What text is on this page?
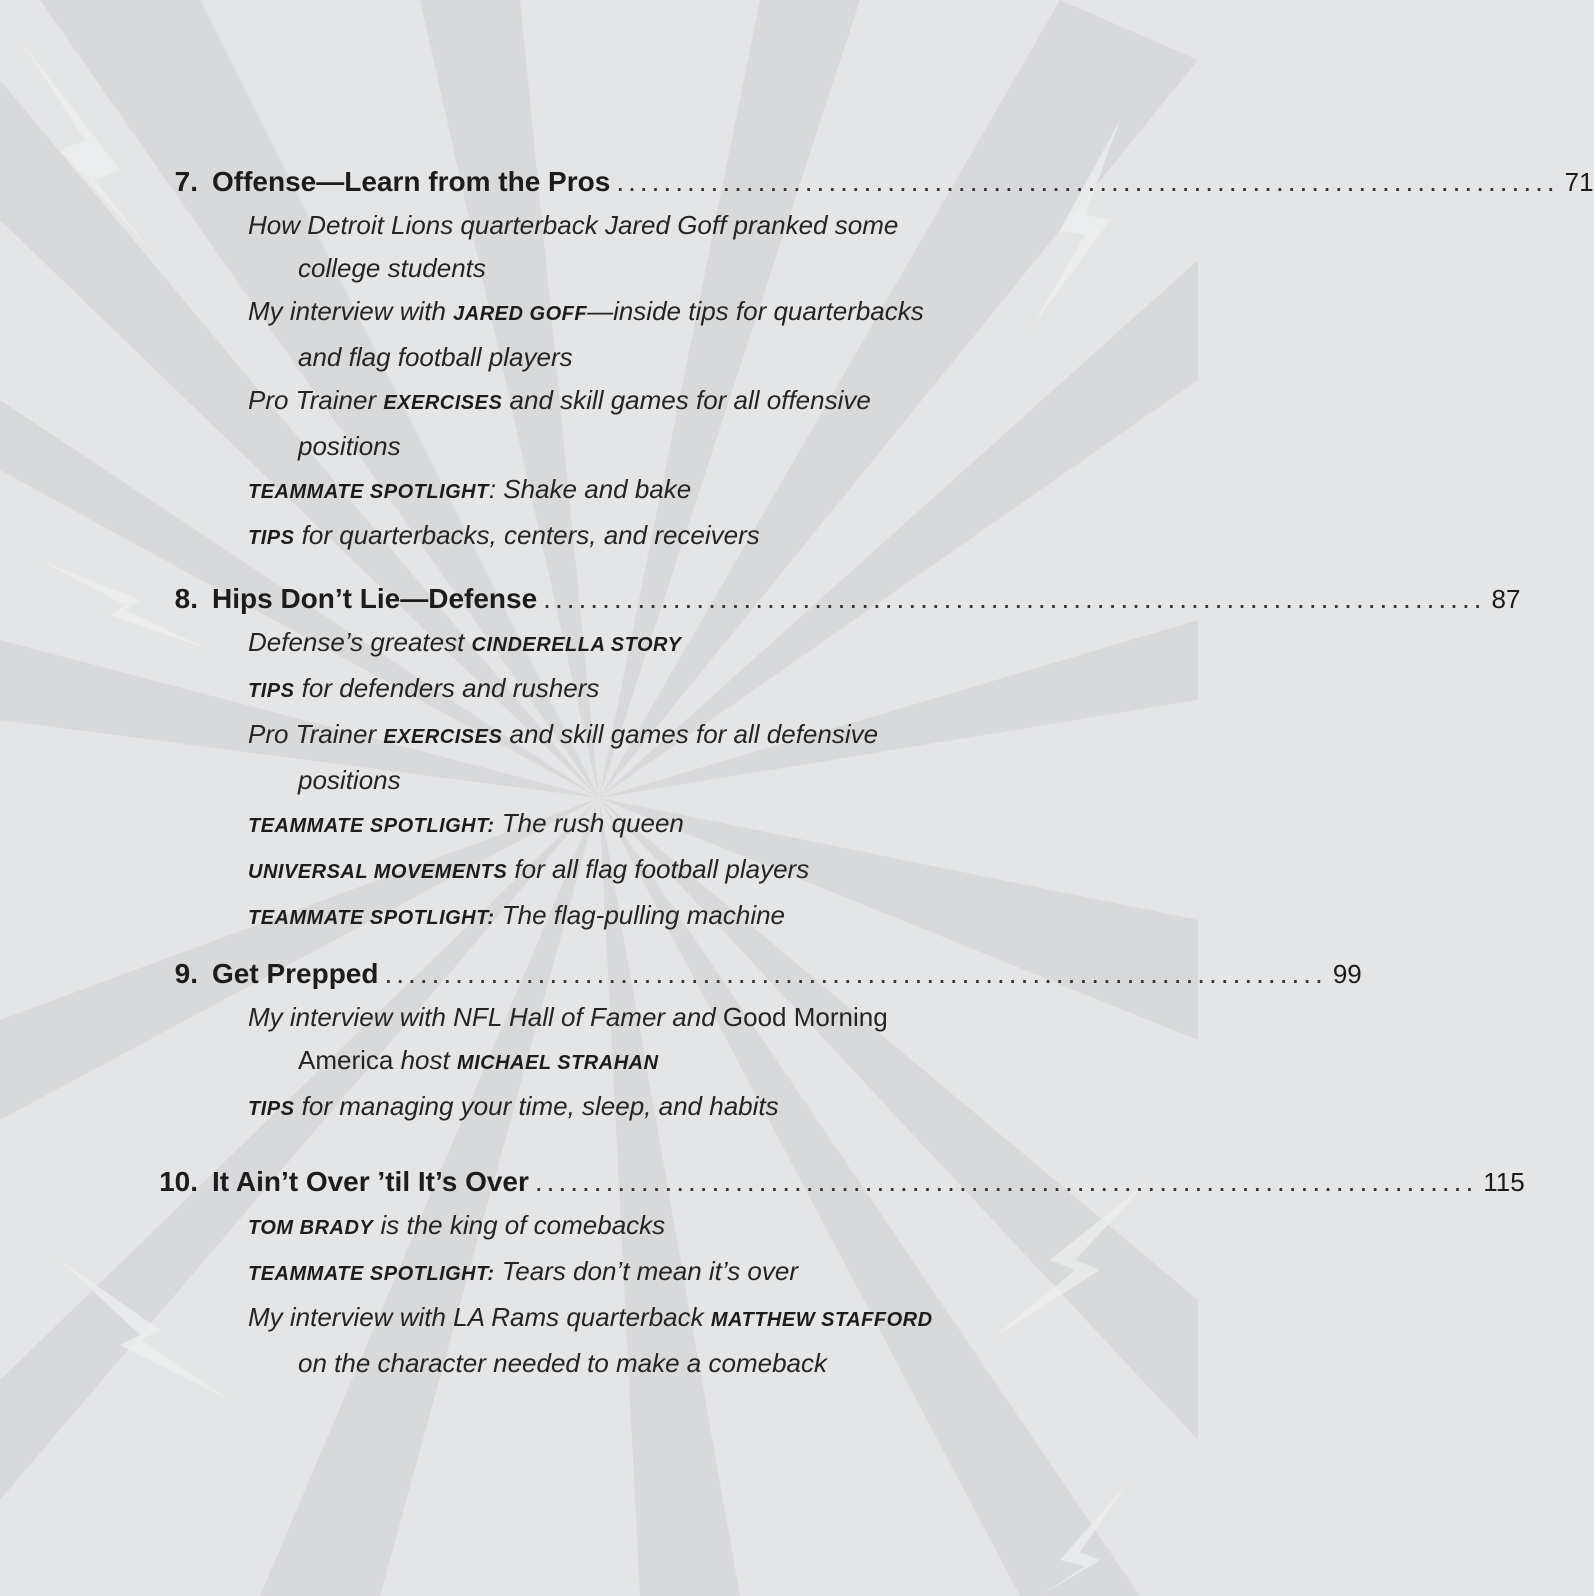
7. Offense—Learn from the Pros ................................................................................ 71
How Detroit Lions quarterback Jared Goff pranked some
college students
My interview with JARED GOFF—inside tips for quarterbacks
and flag football players
Pro Trainer EXERCISES and skill games for all offensive
positions
TEAMMATE SPOTLIGHT: Shake and bake
TIPS for quarterbacks, centers, and receivers
8. Hips Don’t Lie—Defense ................................................................................ 87
Defense’s greatest CINDERELLA STORY
TIPS for defenders and rushers
Pro Trainer EXERCISES and skill games for all defensive
positions
TEAMMATE SPOTLIGHT: The rush queen
UNIVERSAL MOVEMENTS for all flag football players
TEAMMATE SPOTLIGHT: The flag-pulling machine
9. Get Prepped ................................................................................ 99
My interview with NFL Hall of Famer and Good Morning
America host MICHAEL STRAHAN
TIPS for managing your time, sleep, and habits
10. It Ain’t Over ’til It’s Over ................................................................................ 115
TOM BRADY is the king of comebacks
TEAMMATE SPOTLIGHT: Tears don’t mean it’s over
My interview with LA Rams quarterback MATTHEW STAFFORD
on the character needed to make a comeback
